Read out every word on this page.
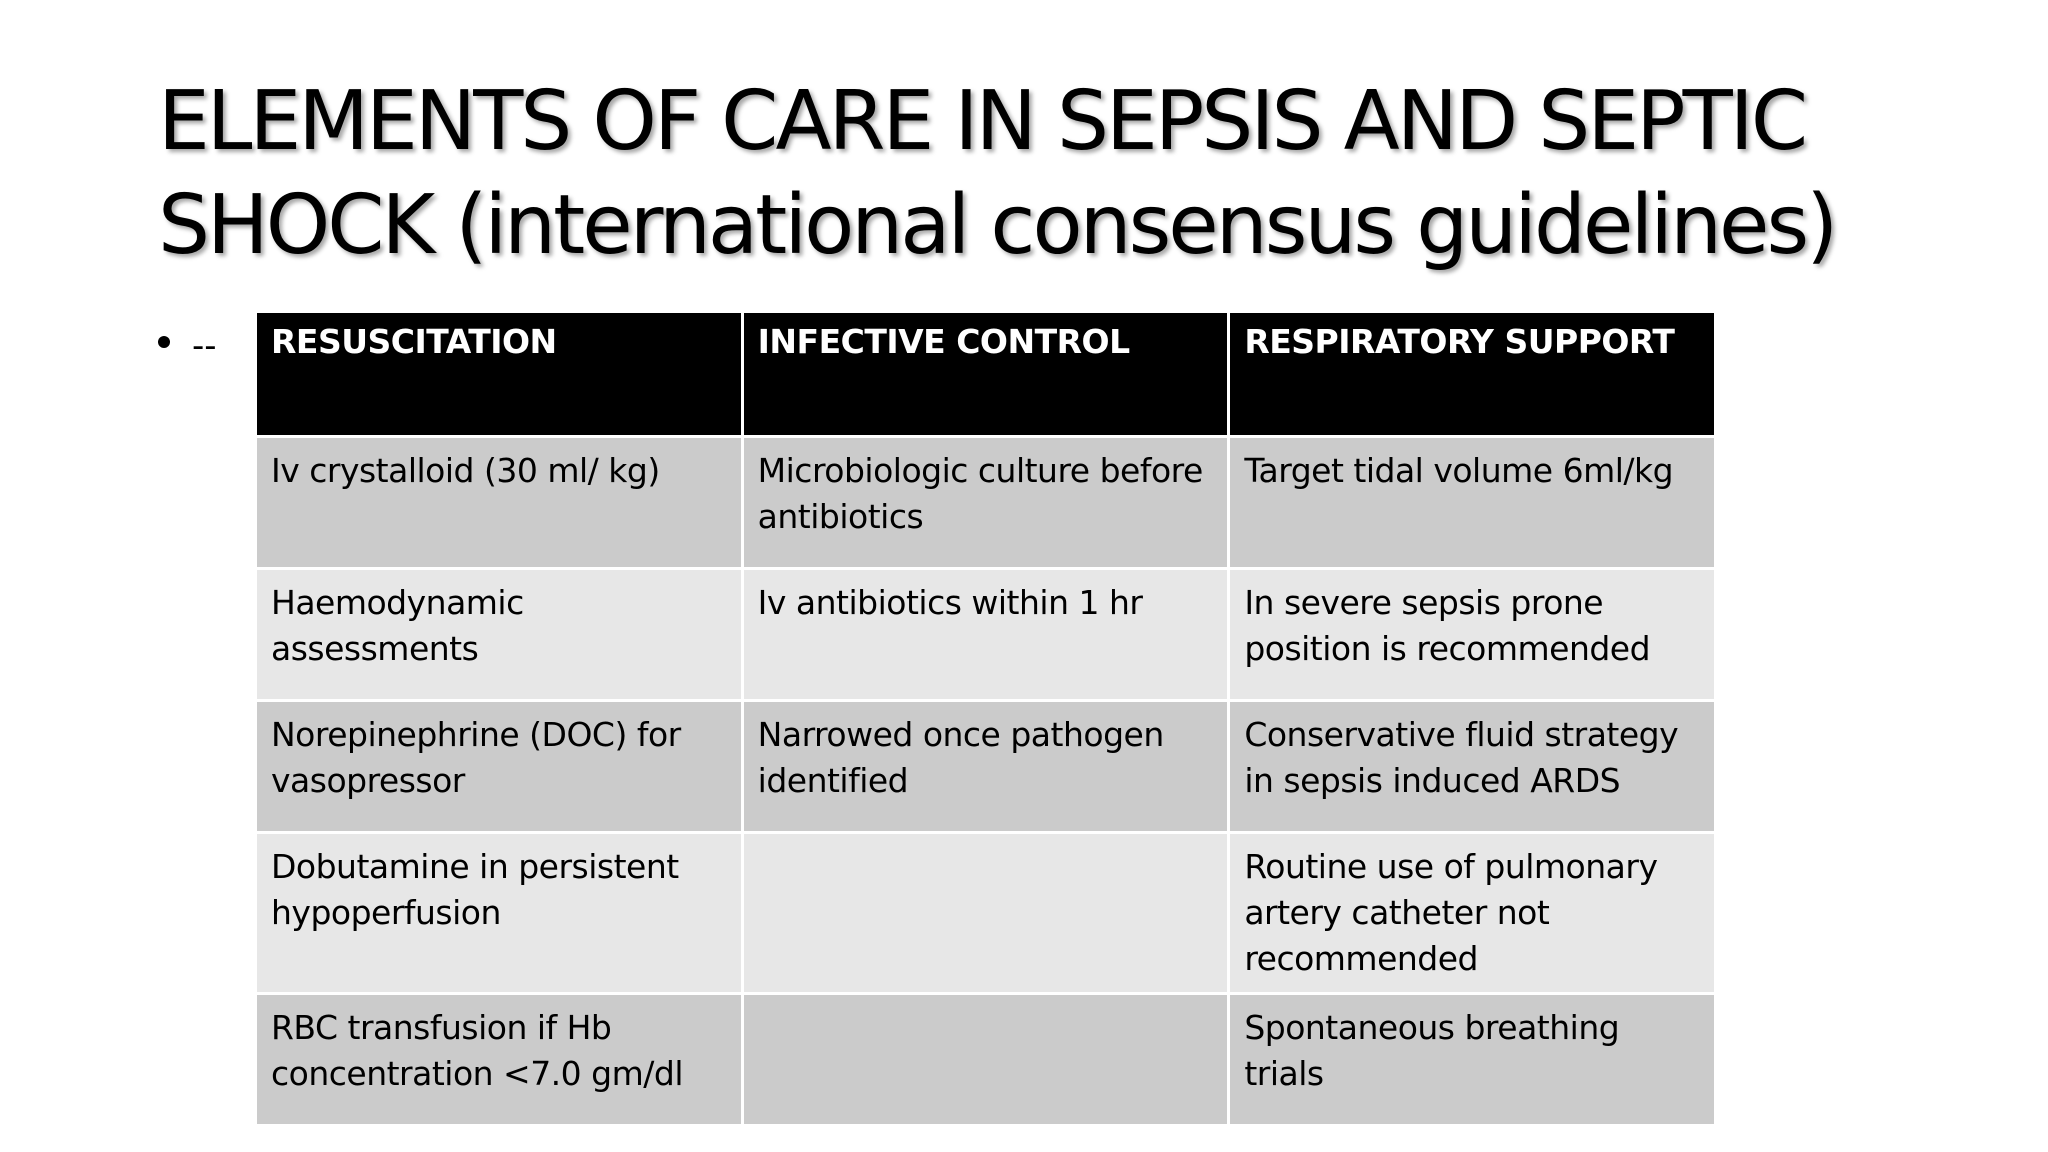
ELEMENTS OF CARE IN SEPSIS AND SEPTIC
SHOCK (international consensus guidelines)
-- RESUSCITATION	INFECTIVE CONTROL	RESPIRATORY SUPPORT
Iv crystalloid (30 ml/ kg)	Microbiologic culture before antibiotics	Target tidal volume 6ml/kg
Haemodynamic assessments	Iv antibiotics within 1 hr	In severe sepsis prone position is recommended
Norepinephrine (DOC) for vasopressor	Narrowed once pathogen identified	Conservative fluid strategy in sepsis induced ARDS
Dobutamine in persistent hypoperfusion		Routine use of pulmonary artery catheter not recommended
RBC transfusion if Hb concentration <7.0 gm/dl		Spontaneous breathing trials
